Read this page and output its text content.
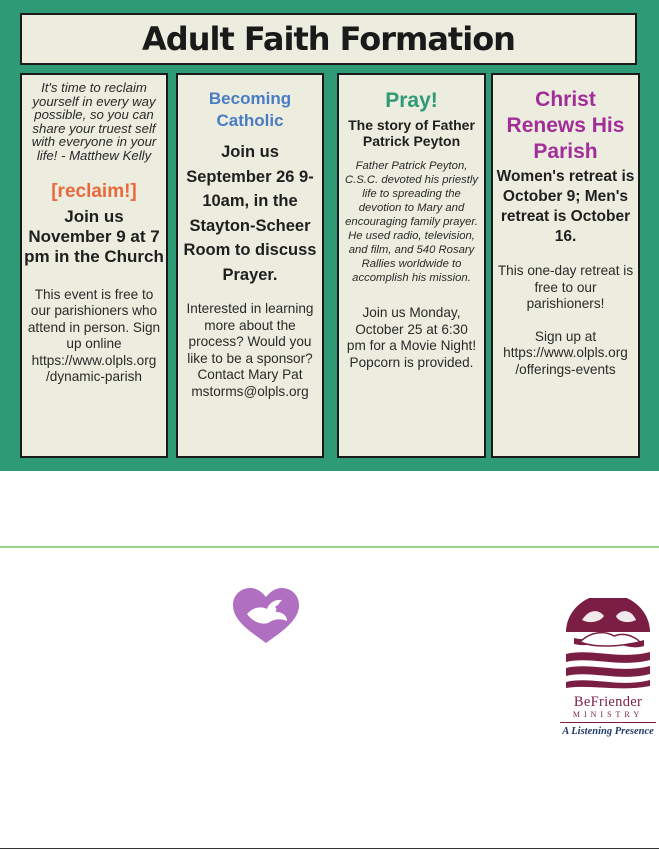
Adult Faith Formation
It's time to reclaim yourself in every way possible, so you can share your truest self with everyone in your life! - Matthew Kelly
[reclaim!]
Join us November 9 at 7 pm in the Church
This event is free to our parishioners who attend in person. Sign up online https://www.olpls.org /dynamic-parish
Becoming Catholic
Join us September 26 9-10am, in the Stayton-Scheer Room to discuss Prayer.
Interested in learning more about the process? Would you like to be a sponsor? Contact Mary Pat mstorms@olpls.org
Pray!
The story of Father Patrick Peyton
Father Patrick Peyton, C.S.C. devoted his priestly life to spreading the devotion to Mary and encouraging family prayer. He used radio, television, and film, and 540 Rosary Rallies worldwide to accomplish his mission.
Join us Monday, October 25 at 6:30 pm for a Movie Night! Popcorn is provided.
Christ Renews His Parish
Women's retreat is October 9; Men's retreat is October 16.
This one-day retreat is free to our parishioners!
Sign up at https://www.olpls.org /offerings-events
BeFriender
MINISTRY
A Listening Presence
